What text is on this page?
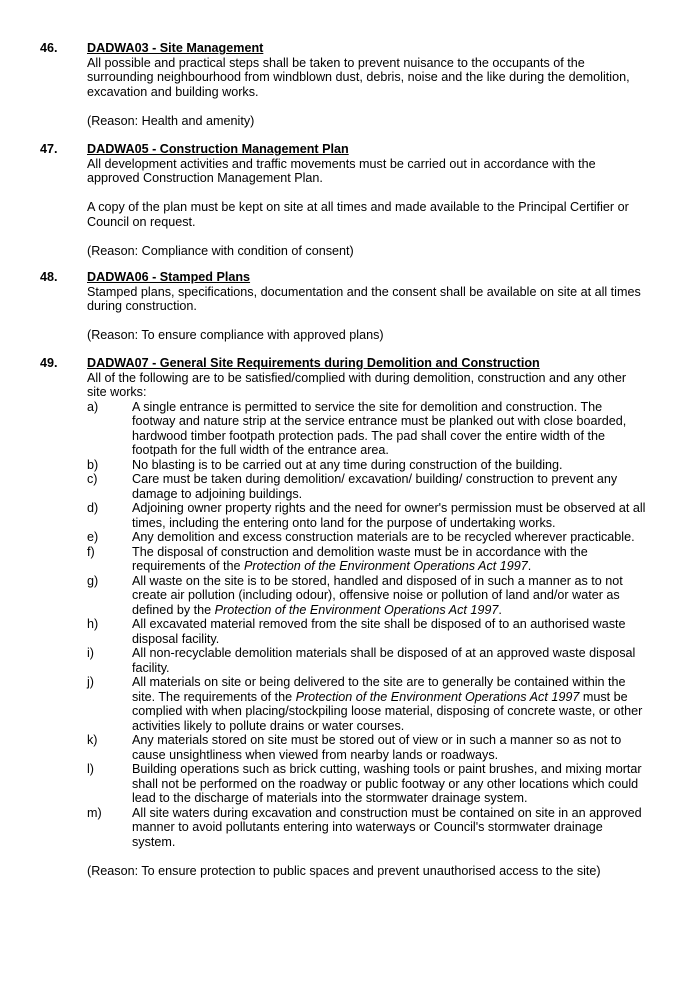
46. DADWA03 - Site Management

All possible and practical steps shall be taken to prevent nuisance to the occupants of the surrounding neighbourhood from windblown dust, debris, noise and the like during the demolition, excavation and building works.

(Reason: Health and amenity)

47. DADWA05 - Construction Management Plan

All development activities and traffic movements must be carried out in accordance with the approved Construction Management Plan.

A copy of the plan must be kept on site at all times and made available to the Principal Certifier or Council on request.

(Reason: Compliance with condition of consent)

48. DADWA06 - Stamped Plans

Stamped plans, specifications, documentation and the consent shall be available on site at all times during construction.

(Reason: To ensure compliance with approved plans)

49. DADWA07 - General Site Requirements during Demolition and Construction

All of the following are to be satisfied/complied with during demolition, construction and any other site works:

a)	A single entrance is permitted to service the site for demolition and construction. The footway and nature strip at the service entrance must be planked out with close boarded, hardwood timber footpath protection pads. The pad shall cover the entire width of the footpath for the full width of the entrance area.
b)	No blasting is to be carried out at any time during construction of the building.
c)	Care must be taken during demolition/ excavation/ building/ construction to prevent any damage to adjoining buildings.
d)	Adjoining owner property rights and the need for owner's permission must be observed at all times, including the entering onto land for the purpose of undertaking works.
e)	Any demolition and excess construction materials are to be recycled wherever practicable.
f)	The disposal of construction and demolition waste must be in accordance with the requirements of the Protection of the Environment Operations Act 1997.
g)	All waste on the site is to be stored, handled and disposed of in such a manner as to not create air pollution (including odour), offensive noise or pollution of land and/or water as defined by the Protection of the Environment Operations Act 1997.
h)	All excavated material removed from the site shall be disposed of to an authorised waste disposal facility.
i)	All non-recyclable demolition materials shall be disposed of at an approved waste disposal facility.
j)	All materials on site or being delivered to the site are to generally be contained within the site. The requirements of the Protection of the Environment Operations Act 1997 must be complied with when placing/stockpiling loose material, disposing of concrete waste, or other activities likely to pollute drains or water courses.
k)	Any materials stored on site must be stored out of view or in such a manner so as not to cause unsightliness when viewed from nearby lands or roadways.
l)	Building operations such as brick cutting, washing tools or paint brushes, and mixing mortar shall not be performed on the roadway or public footway or any other locations which could lead to the discharge of materials into the stormwater drainage system.
m) All site waters during excavation and construction must be contained on site in an approved manner to avoid pollutants entering into waterways or Council's stormwater drainage system.

(Reason: To ensure protection to public spaces and prevent unauthorised access to the site)
